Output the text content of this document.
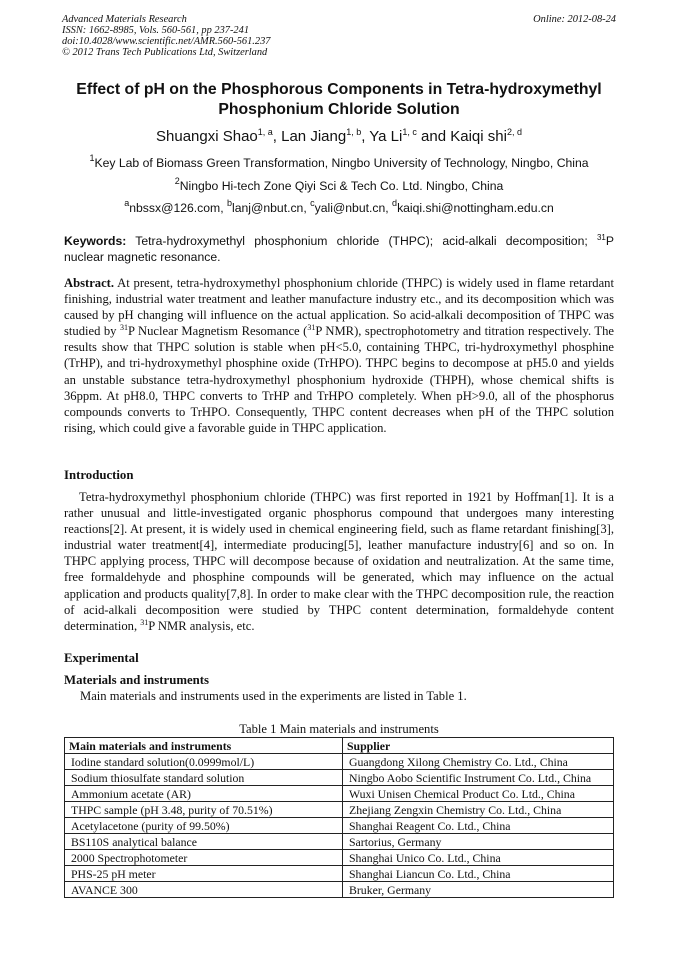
Advanced Materials Research
ISSN: 1662-8985, Vols. 560-561, pp 237-241
doi:10.4028/www.scientific.net/AMR.560-561.237
© 2012 Trans Tech Publications Ltd, Switzerland
Online: 2012-08-24
Effect of pH on the Phosphorous Components in Tetra-hydroxymethyl
Phosphonium Chloride Solution
Shuangxi Shao$^{1, a}$, Lan Jiang$^{1, b}$, Ya Li$^{1, c}$ and Kaiqi shi$^{2, d}$
$^1$Key Lab of Biomass Green Transformation, Ningbo University of Technology, Ningbo, China
$^2$Ningbo Hi-tech Zone Qiyi Sci & Tech Co. Ltd. Ningbo, China
$^a$nbssx@126.com, $^b$lanj@nbut.cn, $^c$yali@nbut.cn, $^d$kaiqi.shi@nottingham.edu.cn
Keywords: Tetra-hydroxymethyl phosphonium chloride (THPC); acid-alkali decomposition; $^{31}$P nuclear magnetic resonance.
Abstract. At present, tetra-hydroxymethyl phosphonium chloride (THPC) is widely used in flame retardant finishing, industrial water treatment and leather manufacture industry etc., and its decomposition which was caused by pH changing will influence on the actual application. So acid-alkali decomposition of THPC was studied by $^{31}$P Nuclear Magnetism Resomance ($^{31}$P NMR), spectrophotometry and titration respectively. The results show that THPC solution is stable when pH<5.0, containing THPC, tri-hydroxymethyl phosphine (TrHP), and tri-hydroxymethyl phosphine oxide (TrHPO). THPC begins to decompose at pH5.0 and yields an unstable substance tetra-hydroxymethyl phosphonium hydroxide (THPH), whose chemical shifts is 36ppm. At pH8.0, THPC converts to TrHP and TrHPO completely. When pH>9.0, all of the phosphorus compounds converts to TrHPO. Consequently, THPC content decreases when pH of the THPC solution rising, which could give a favorable guide in THPC application.
Introduction
Tetra-hydroxymethyl phosphonium chloride (THPC) was first reported in 1921 by Hoffman[1]. It is a rather unusual and little-investigated organic phosphorus compound that undergoes many interesting reactions[2]. At present, it is widely used in chemical engineering field, such as flame retardant finishing[3], industrial water treatment[4], intermediate producing[5], leather manufacture industry[6] and so on. In THPC applying process, THPC will decompose because of oxidation and neutralization. At the same time, free formaldehyde and phosphine compounds will be generated, which may influence on the actual application and products quality[7,8]. In order to make clear with the THPC decomposition rule, the reaction of acid-alkali decomposition were studied by THPC content determination, formaldehyde content determination, $^{31}$P NMR analysis, etc.
Experimental
Materials and instruments
Main materials and instruments used in the experiments are listed in Table 1.
Table 1 Main materials and instruments
Main materials and instruments	Supplier
Iodine standard solution(0.0999mol/L)	Guangdong Xilong Chemistry Co. Ltd., China
Sodium thiosulfate standard solution	Ningbo Aobo Scientific Instrument Co. Ltd., China
Ammonium acetate (AR)	Wuxi Unisen Chemical Product Co. Ltd., China
THPC sample (pH 3.48, purity of 70.51%)	Zhejiang Zengxin Chemistry Co. Ltd., China
Acetylacetone (purity of 99.50%)	Shanghai Reagent Co. Ltd., China
BS110S analytical balance	Sartorius, Germany
2000 Spectrophotometer	Shanghai Unico Co. Ltd., China
PHS-25 pH meter	Shanghai Liancun Co. Ltd., China
AVANCE 300	Bruker, Germany
